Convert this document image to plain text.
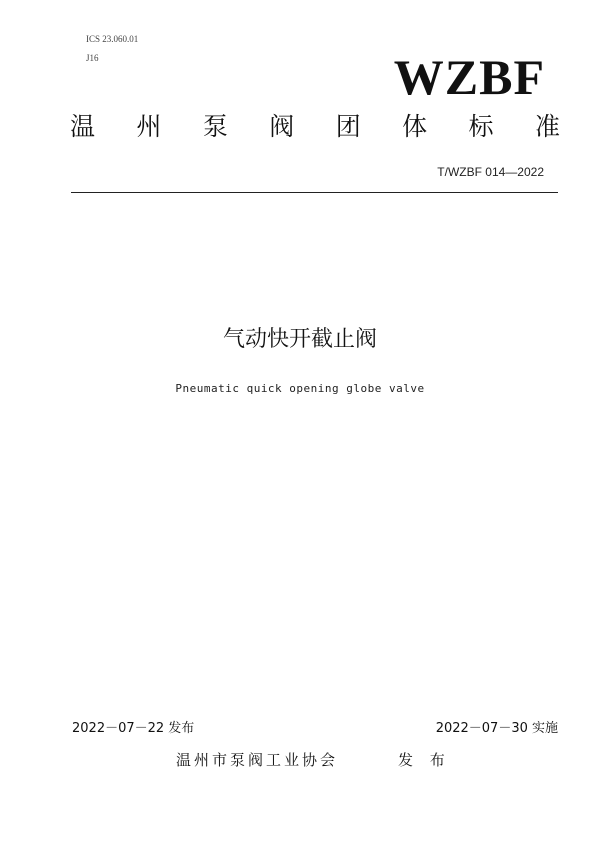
ICS 23.060.01
J16	WZBF
温 州 泵 阀 团 体 标 准
T/WZBF 014—2022
气动快开截止阀
Pneumatic quick opening globe valve
2022－07－22 发布	2022－07－30 实施
温州市泵阀工业协会	发 布
